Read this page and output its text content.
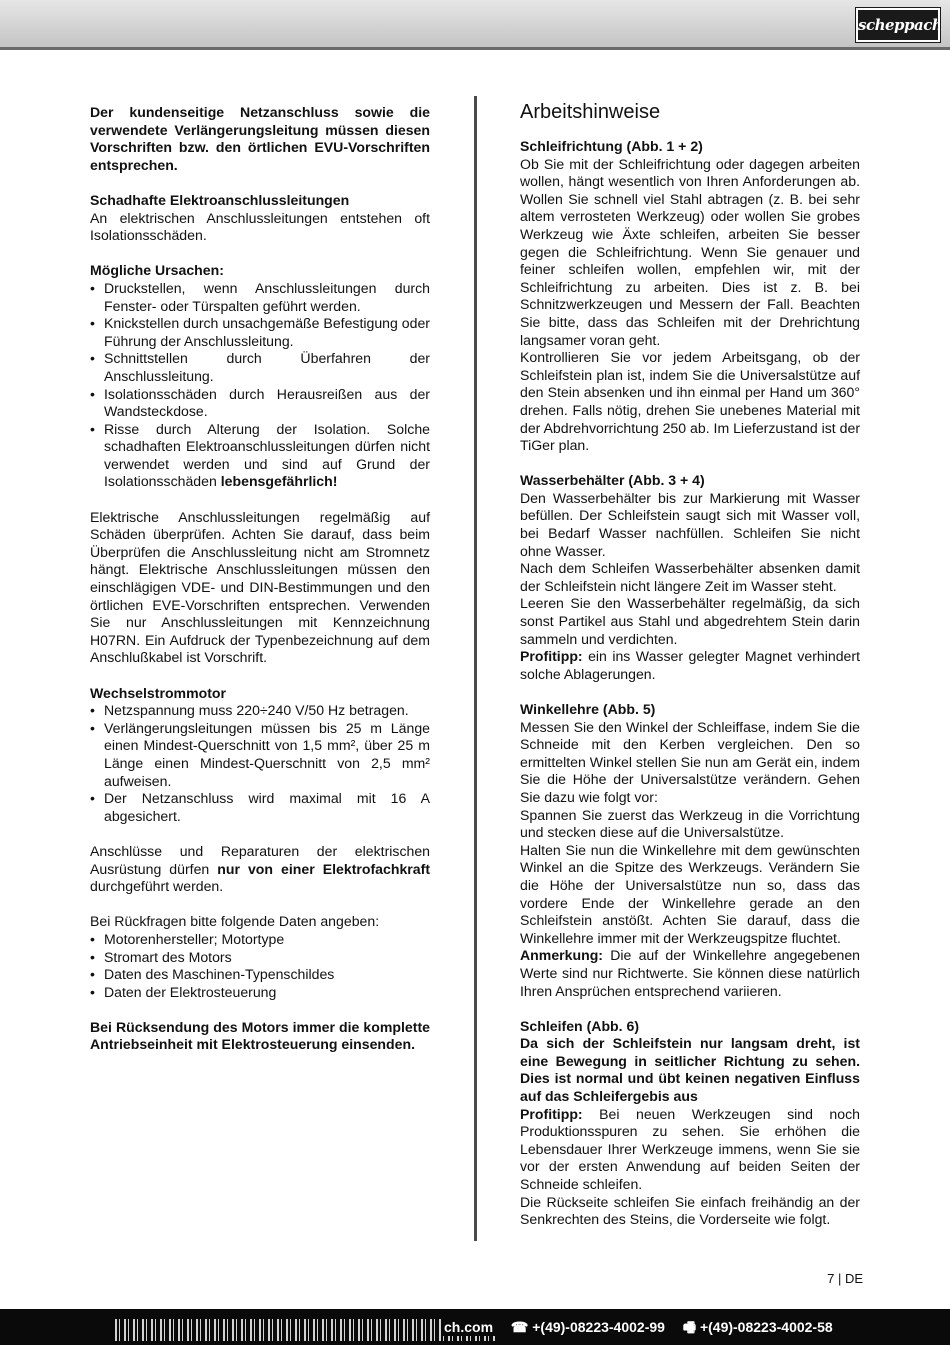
scheppach

Der kundenseitige Netzanschluss sowie die verwendete Verlängerungsleitung müssen diesen Vorschriften bzw. den örtlichen EVU-Vorschriften entsprechen.

Schadhafte Elektroanschlussleitungen

An elektrischen Anschlussleitungen entstehen oft Isolationsschäden.

Mögliche Ursachen:

• Druckstellen, wenn Anschlussleitungen durch Fenster- oder Türspalten geführt werden.
• Knickstellen durch unsachgemäße Befestigung oder Führung der Anschlussleitung.
• Schnittstellen durch Überfahren der Anschlussleitung.
• Isolationsschäden durch Herausreißen aus der Wandsteckdose.
• Risse durch Alterung der Isolation. Solche schadhaften Elektroanschlussleitungen dürfen nicht verwendet werden und sind auf Grund der Isolationsschäden lebensgefährlich!

Elektrische Anschlussleitungen regelmäßig auf Schäden überprüfen. Achten Sie darauf, dass beim Überprüfen die Anschlussleitung nicht am Stromnetz hängt. Elektrische Anschlussleitungen müssen den einschlägigen VDE- und DIN-Bestimmungen und den örtlichen EVE-Vorschriften entsprechen. Verwenden Sie nur Anschlussleitungen mit Kennzeichnung H07RN. Ein Aufdruck der Typenbezeichnung auf dem Anschlußkabel ist Vorschrift.

Wechselstrommotor

• Netzspannung muss 220÷240 V/50 Hz betragen.
• Verlängerungsleitungen müssen bis 25 m Länge einen Mindest-Querschnitt von 1,5 mm², über 25 m Länge einen Mindest-Querschnitt von 2,5 mm² aufweisen.
• Der Netzanschluss wird maximal mit 16 A abgesichert.

Anschlüsse und Reparaturen der elektrischen Ausrüstung dürfen nur von einer Elektrofachkraft durchgeführt werden.

Bei Rückfragen bitte folgende Daten angeben:

• Motorenhersteller; Motortype
• Stromart des Motors
• Daten des Maschinen-Typenschildes
• Daten der Elektrosteuerung

Bei Rücksendung des Motors immer die komplette Antriebseinheit mit Elektrosteuerung einsenden.

Arbeitshinweise

Schleifrichtung (Abb. 1 + 2)

Ob Sie mit der Schleifrichtung oder dagegen arbeiten wollen, hängt wesentlich von Ihren Anforderungen ab. Wollen Sie schnell viel Stahl abtragen (z. B. bei sehr altem verrosteten Werkzeug) oder wollen Sie grobes Werkzeug wie Äxte schleifen, arbeiten Sie besser gegen die Schleifrichtung. Wenn Sie genauer und feiner schleifen wollen, empfehlen wir, mit der Schleifrichtung zu arbeiten. Dies ist z. B. bei Schnitzwerkzeugen und Messern der Fall. Beachten Sie bitte, dass das Schleifen mit der Drehrichtung langsamer voran geht.

Kontrollieren Sie vor jedem Arbeitsgang, ob der Schleifstein plan ist, indem Sie die Universalstütze auf den Stein absenken und ihn einmal per Hand um 360° drehen. Falls nötig, drehen Sie unebenes Material mit der Abdrehvorrichtung 250 ab. Im Lieferzustand ist der TiGer plan.

Wasserbehälter (Abb. 3 + 4)

Den Wasserbehälter bis zur Markierung mit Wasser befüllen. Der Schleifstein saugt sich mit Wasser voll, bei Bedarf Wasser nachfüllen. Schleifen Sie nicht ohne Wasser.

Nach dem Schleifen Wasserbehälter absenken damit der Schleifstein nicht längere Zeit im Wasser steht.

Leeren Sie den Wasserbehälter regelmäßig, da sich sonst Partikel aus Stahl und abgedrehtem Stein darin sammeln und verdichten.

Profitipp: ein ins Wasser gelegter Magnet verhindert solche Ablagerungen.

Winkellehre (Abb. 5)

Messen Sie den Winkel der Schleiffase, indem Sie die Schneide mit den Kerben vergleichen. Den so ermittelten Winkel stellen Sie nun am Gerät ein, indem Sie die Höhe der Universalstütze verändern. Gehen Sie dazu wie folgt vor:

Spannen Sie zuerst das Werkzeug in die Vorrichtung und stecken diese auf die Universalstütze.

Halten Sie nun die Winkellehre mit dem gewünschten Winkel an die Spitze des Werkzeugs. Verändern Sie die Höhe der Universalstütze nun so, dass das vordere Ende der Winkellehre gerade an den Schleifstein anstößt. Achten Sie darauf, dass die Winkellehre immer mit der Werkzeugspitze fluchtet.

Anmerkung: Die auf der Winkellehre angegebenen Werte sind nur Richtwerte. Sie können diese natürlich Ihren Ansprüchen entsprechend variieren.

Schleifen (Abb. 6)

Da sich der Schleifstein nur langsam dreht, ist eine Bewegung in seitlicher Richtung zu sehen. Dies ist normal und übt keinen negativen Einfluss auf das Schleifergebis aus

Profitipp: Bei neuen Werkzeugen sind noch Produktionsspuren zu sehen. Sie erhöhen die Lebensdauer Ihrer Werkzeuge immens, wenn Sie sie vor der ersten Anwendung auf beiden Seiten der Schneide schleifen.

Die Rückseite schleifen Sie einfach freihändig an der Senkrechten des Steins, die Vorderseite wie folgt.

7 | DE
ch.com ☎ +(49)-08223-4002-99 🖷 +(49)-08223-4002-58
